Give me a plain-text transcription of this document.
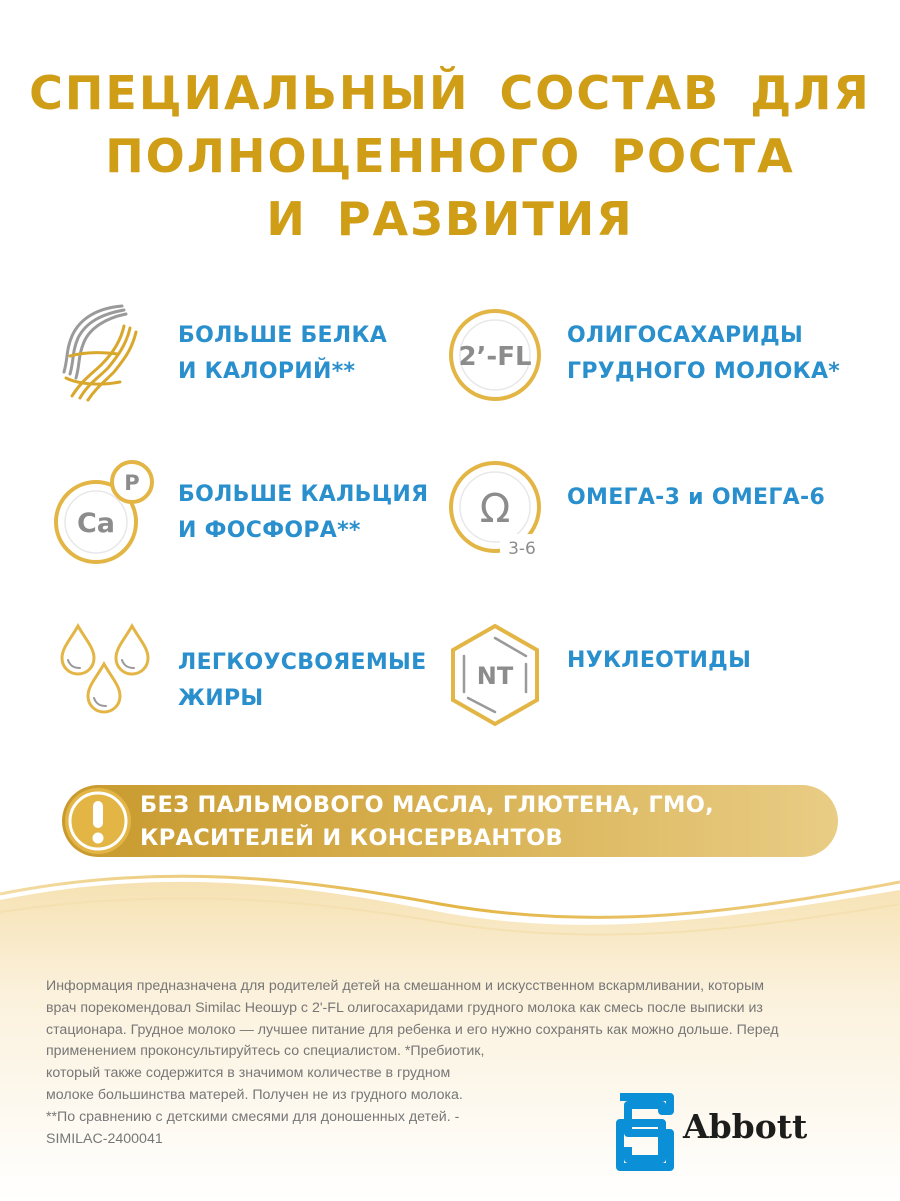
СПЕЦИАЛЬНЫЙ СОСТАВ ДЛЯ
ПОЛНОЦЕННОГО РОСТА
И РАЗВИТИЯ

БОЛЬШЕ БЕЛКА
И КАЛОРИЙ**	2’-FL

ОЛИГОСАХАРИДЫ
ГРУДНОГО МОЛОКА*

Ca
P БОЛЬШЕ КАЛЬЦИЯ
И ФОСФОРА**	Ω
3-6

ОМЕГА-3 и ОМЕГА-6

ЛЕГКОУСВОЯЕМЫЕ
ЖИРЫ

NT

НУКЛЕОТИДЫ

БЕЗ ПАЛЬМОВОГО МАСЛА, ГЛЮТЕНА, ГМО,
КРАСИТЕЛЕЙ И КОНСЕРВАНТОВ

Информация предназначена для родителей детей на смешанном и искусственном вскармливании, которым
врач порекомендовал Similac Неошур с 2'-FL олигосахаридами грудного молока как смесь после выписки из
стационара. Грудное молоко — лучшее питание для ребенка и его нужно сохранять как можно дольше. Перед
применением проконсультируйтесь со специалистом. *Пребиотик,
который также содержится в значимом количестве в грудном
молоке большинства матерей. Получен не из грудного молока.
**По сравнению с детскими смесями для доношенных детей. -
SIMILAC-2400041	Abbott
